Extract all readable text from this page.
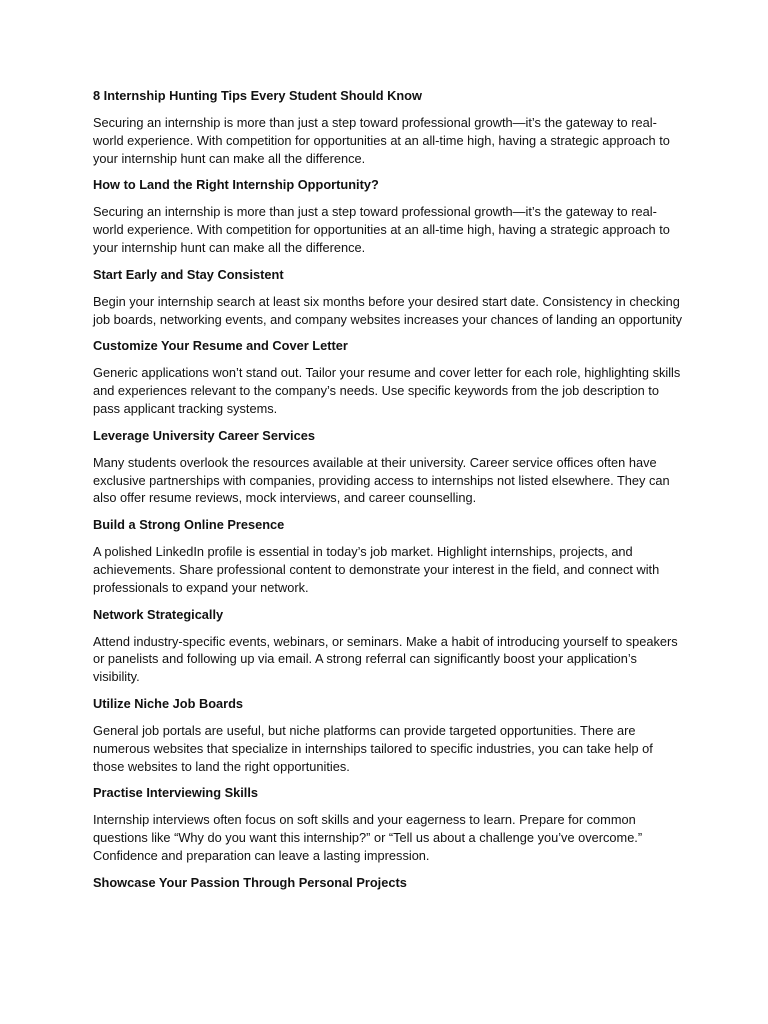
8 Internship Hunting Tips Every Student Should Know
Securing an internship is more than just a step toward professional growth—it’s the gateway to real-world experience. With competition for opportunities at an all-time high, having a strategic approach to your internship hunt can make all the difference.
How to Land the Right Internship Opportunity?
Securing an internship is more than just a step toward professional growth—it’s the gateway to real-world experience. With competition for opportunities at an all-time high, having a strategic approach to your internship hunt can make all the difference.
Start Early and Stay Consistent
Begin your internship search at least six months before your desired start date. Consistency in checking job boards, networking events, and company websites increases your chances of landing an opportunity
Customize Your Resume and Cover Letter
Generic applications won’t stand out. Tailor your resume and cover letter for each role, highlighting skills and experiences relevant to the company’s needs. Use specific keywords from the job description to pass applicant tracking systems.
Leverage University Career Services
Many students overlook the resources available at their university. Career service offices often have exclusive partnerships with companies, providing access to internships not listed elsewhere. They can also offer resume reviews, mock interviews, and career counselling.
Build a Strong Online Presence
A polished LinkedIn profile is essential in today’s job market. Highlight internships, projects, and achievements. Share professional content to demonstrate your interest in the field, and connect with professionals to expand your network.
Network Strategically
Attend industry-specific events, webinars, or seminars. Make a habit of introducing yourself to speakers or panelists and following up via email. A strong referral can significantly boost your application’s visibility.
Utilize Niche Job Boards
General job portals are useful, but niche platforms can provide targeted opportunities. There are numerous websites that specialize in internships tailored to specific industries, you can take help of those websites to land the right opportunities.
Practise Interviewing Skills
Internship interviews often focus on soft skills and your eagerness to learn. Prepare for common questions like “Why do you want this internship?” or “Tell us about a challenge you’ve overcome.” Confidence and preparation can leave a lasting impression.
Showcase Your Passion Through Personal Projects
